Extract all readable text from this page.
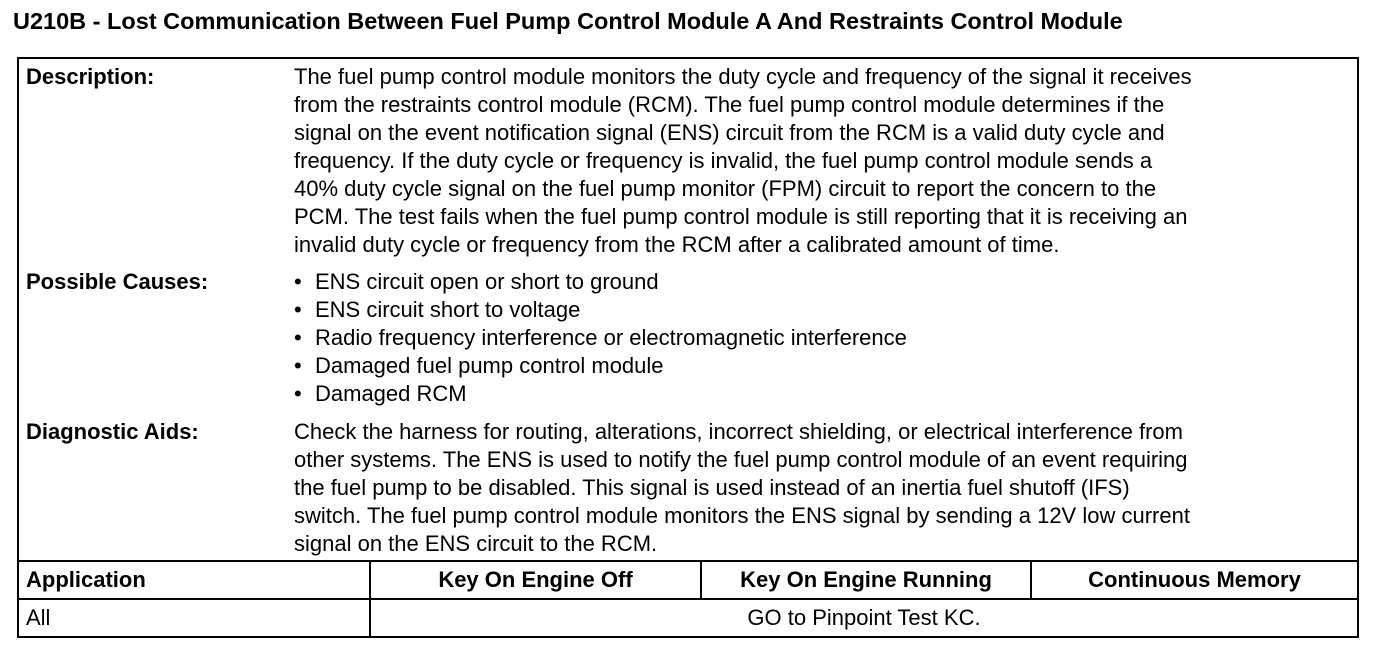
U210B - Lost Communication Between Fuel Pump Control Module A And Restraints Control Module
Description:	The fuel pump control module monitors the duty cycle and frequency of the signal it receives
from the restraints control module (RCM). The fuel pump control module determines if the
signal on the event notification signal (ENS) circuit from the RCM is a valid duty cycle and
frequency. If the duty cycle or frequency is invalid, the fuel pump control module sends a
40% duty cycle signal on the fuel pump monitor (FPM) circuit to report the concern to the
PCM. The test fails when the fuel pump control module is still reporting that it is receiving an
invalid duty cycle or frequency from the RCM after a calibrated amount of time.
Possible Causes:	• ENS circuit open or short to ground
• ENS circuit short to voltage
• Radio frequency interference or electromagnetic interference
• Damaged fuel pump control module
• Damaged RCM
Diagnostic Aids:	Check the harness for routing, alterations, incorrect shielding, or electrical interference from
other systems. The ENS is used to notify the fuel pump control module of an event requiring
the fuel pump to be disabled. This signal is used instead of an inertia fuel shutoff (IFS)
switch. The fuel pump control module monitors the ENS signal by sending a 12V low current
signal on the ENS circuit to the RCM.
Application	Key On Engine Off	Key On Engine Running	Continuous Memory
All	GO to Pinpoint Test KC.
